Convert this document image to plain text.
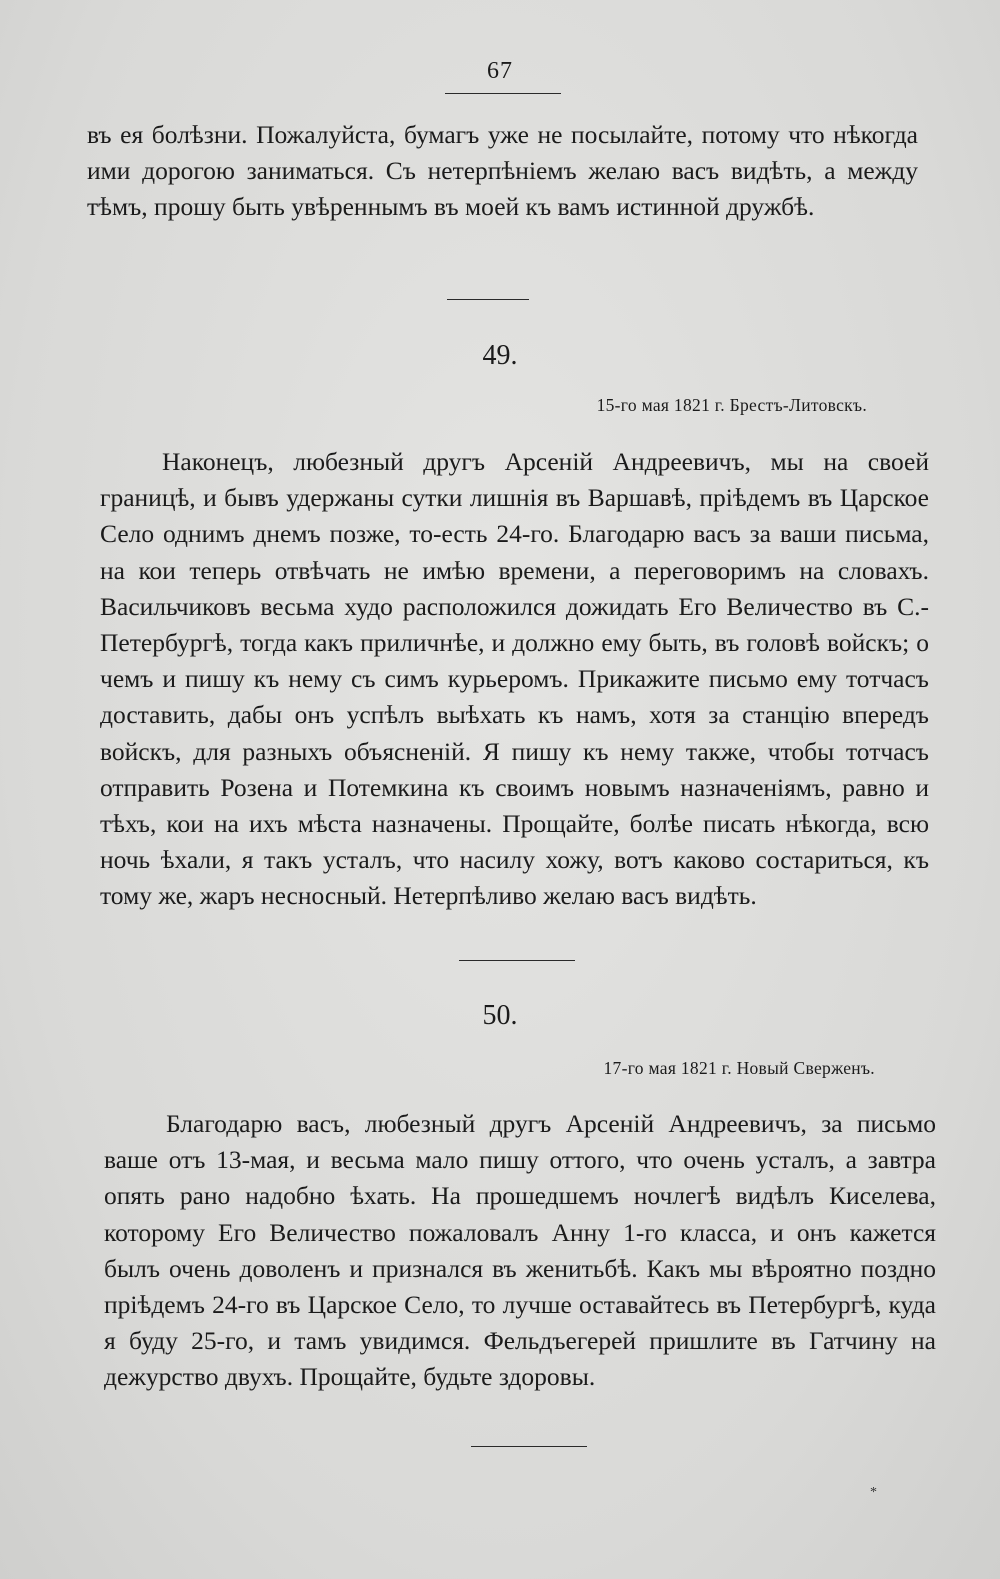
67

въ ея болѣзни. Пожалуйста, бумагъ уже не посылайте, потому что нѣкогда ими дорогою заниматься. Съ нетерпѣніемъ желаю васъ видѣть, а между тѣмъ, прошу быть увѣреннымъ въ моей къ вамъ истинной дружбѣ.

49.
15-го мая 1821 г. Брестъ-Литовскъ.

Наконецъ, любезный другъ Арсеній Андреевичъ, мы на своей границѣ, и бывъ удержаны сутки лишнія въ Варшавѣ, пріѣдемъ въ Царское Село однимъ днемъ позже, то-есть 24-го. Благодарю васъ за ваши письма, на кои теперь отвѣчать не имѣю времени, а переговоримъ на словахъ. Васильчиковъ весьма худо расположился дожидать Его Величество въ С.-Петербургѣ, тогда какъ приличнѣе, и должно ему быть, въ головѣ войскъ; о чемъ и пишу къ нему съ симъ курьеромъ. Прикажите письмо ему тотчасъ доставить, дабы онъ успѣлъ выѣхать къ намъ, хотя за станцію впередъ войскъ, для разныхъ объясненій. Я пишу къ нему также, чтобы тотчасъ отправить Розена и Потемкина къ своимъ новымъ назначеніямъ, равно и тѣхъ, кои на ихъ мѣста назначены. Прощайте, болѣе писать нѣкогда, всю ночь ѣхали, я такъ усталъ, что насилу хожу, вотъ каково состариться, къ тому же, жаръ несносный. Нетерпѣливо желаю васъ видѣть.

50.
17-го мая 1821 г. Новый Сверженъ.

Благодарю васъ, любезный другъ Арсеній Андреевичъ, за письмо ваше отъ 13-мая, и весьма мало пишу оттого, что очень усталъ, а завтра опять рано надобно ѣхать. На прошедшемъ ночлегѣ видѣлъ Киселева, которому Его Величество пожаловалъ Анну 1-го класса, и онъ кажется былъ очень доволенъ и признался въ женитьбѣ. Какъ мы вѣроятно поздно пріѣдемъ 24-го въ Царское Село, то лучше оставайтесь въ Петербургѣ, куда я буду 25-го, и тамъ увидимся. Фельдъегерей пришлите въ Гатчину на дежурство двухъ. Прощайте, будьте здоровы.

*
